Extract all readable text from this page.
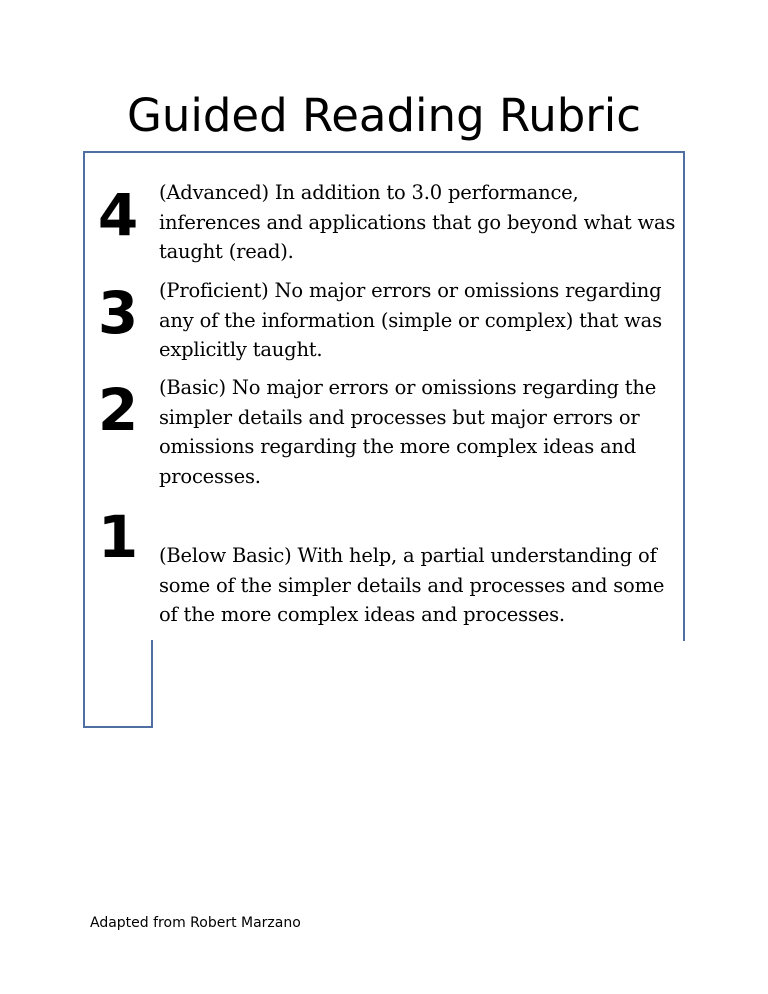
Guided Reading Rubric
4 (Advanced) In addition to 3.0 performance, inferences and applications that go beyond what was taught (read).
3 (Proficient) No major errors or omissions regarding any of the information (simple or complex) that was explicitly taught.
2 (Basic) No major errors or omissions regarding the simpler details and processes but major errors or omissions regarding the more complex ideas and processes.
1 (Below Basic) With help, a partial understanding of some of the simpler details and processes and some of the more complex ideas and processes.
Adapted from Robert Marzano
